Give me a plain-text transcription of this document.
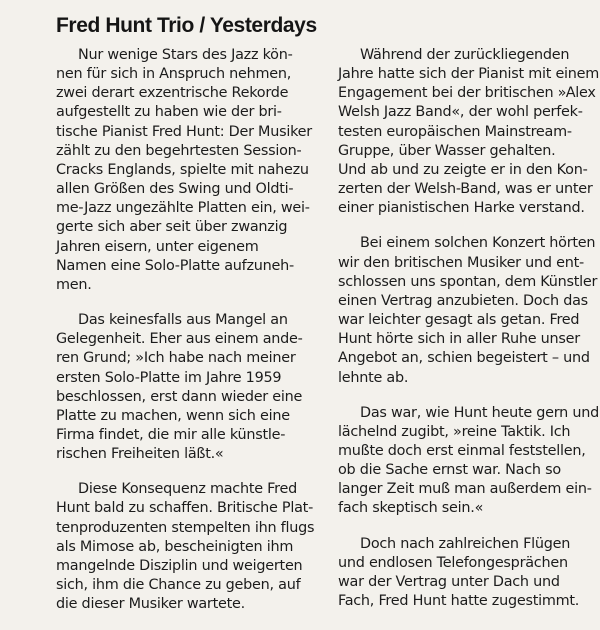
Fred Hunt Trio / Yesterdays
Nur wenige Stars des Jazz kön-
nen für sich in Anspruch nehmen,
zwei derart exzentrische Rekorde
aufgestellt zu haben wie der bri-
tische Pianist Fred Hunt: Der Musiker
zählt zu den begehrtesten Session-
Cracks Englands, spielte mit nahezu
allen Größen des Swing und Oldti-
me-Jazz ungezählte Platten ein, wei-
gerte sich aber seit über zwanzig
Jahren eisern, unter eigenem
Namen eine Solo-Platte aufzuneh-
men.
Das keinesfalls aus Mangel an
Gelegenheit. Eher aus einem ande-
ren Grund; »Ich habe nach meiner
ersten Solo-Platte im Jahre 1959
beschlossen, erst dann wieder eine
Platte zu machen, wenn sich eine
Firma findet, die mir alle künstle-
rischen Freiheiten läßt.«
Diese Konsequenz machte Fred
Hunt bald zu schaffen. Britische Plat-
tenproduzenten stempelten ihn flugs
als Mimose ab, bescheinigten ihm
mangelnde Disziplin und weigerten
sich, ihm die Chance zu geben, auf
die dieser Musiker wartete.
Während der zurückliegenden
Jahre hatte sich der Pianist mit einem
Engagement bei der britischen »Alex
Welsh Jazz Band«, der wohl perfek-
testen europäischen Mainstream-
Gruppe, über Wasser gehalten.
Und ab und zu zeigte er in den Kon-
zerten der Welsh-Band, was er unter
einer pianistischen Harke verstand.
Bei einem solchen Konzert hörten
wir den britischen Musiker und ent-
schlossen uns spontan, dem Künstler
einen Vertrag anzubieten. Doch das
war leichter gesagt als getan. Fred
Hunt hörte sich in aller Ruhe unser
Angebot an, schien begeistert – und
lehnte ab.
Das war, wie Hunt heute gern und
lächelnd zugibt, »reine Taktik. Ich
mußte doch erst einmal feststellen,
ob die Sache ernst war. Nach so
langer Zeit muß man außerdem ein-
fach skeptisch sein.«
Doch nach zahlreichen Flügen
und endlosen Telefongesprächen
war der Vertrag unter Dach und
Fach, Fred Hunt hatte zugestimmt.
